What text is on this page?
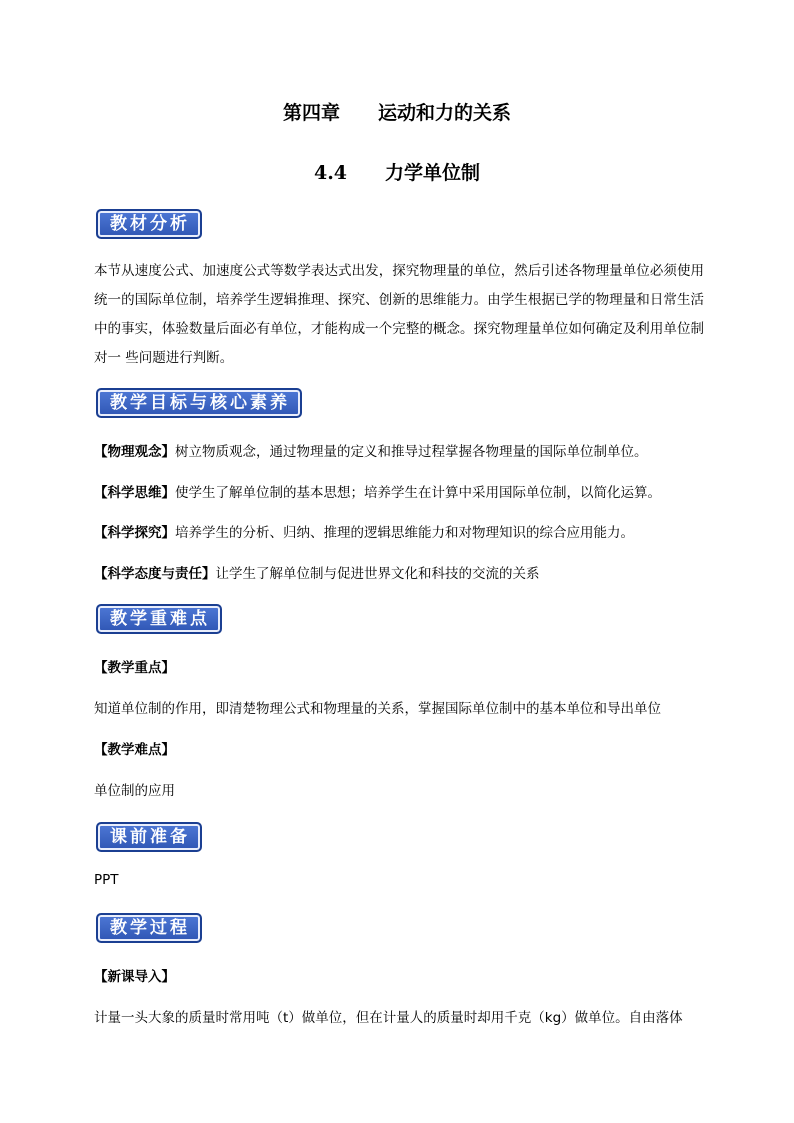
第四章　　运动和力的关系
4.4　　力学单位制
教材分析
本节从速度公式、加速度公式等数学表达式出发，探究物理量的单位，然后引述各物理量单位必须使用统一的国际单位制，培养学生逻辑推理、探究、创新的思维能力。由学生根据已学的物理量和日常生活中的事实，体验数量后面必有单位，才能构成一个完整的概念。探究物理量单位如何确定及利用单位制对一 些问题进行判断。
教学目标与核心素养
【物理观念】树立物质观念，通过物理量的定义和推导过程掌握各物理量的国际单位制单位。
【科学思维】使学生了解单位制的基本思想；培养学生在计算中采用国际单位制，以简化运算。
【科学探究】培养学生的分析、归纳、推理的逻辑思维能力和对物理知识的综合应用能力。
【科学态度与责任】让学生了解单位制与促进世界文化和科技的交流的关系
教学重难点
【教学重点】
知道单位制的作用，即清楚物理公式和物理量的关系，掌握国际单位制中的基本单位和导出单位
【教学难点】
单位制的应用
课前准备
PPT
教学过程
【新课导入】
计量一头大象的质量时常用吨（t）做单位，但在计量人的质量时却用千克（kg）做单位。自由落体
